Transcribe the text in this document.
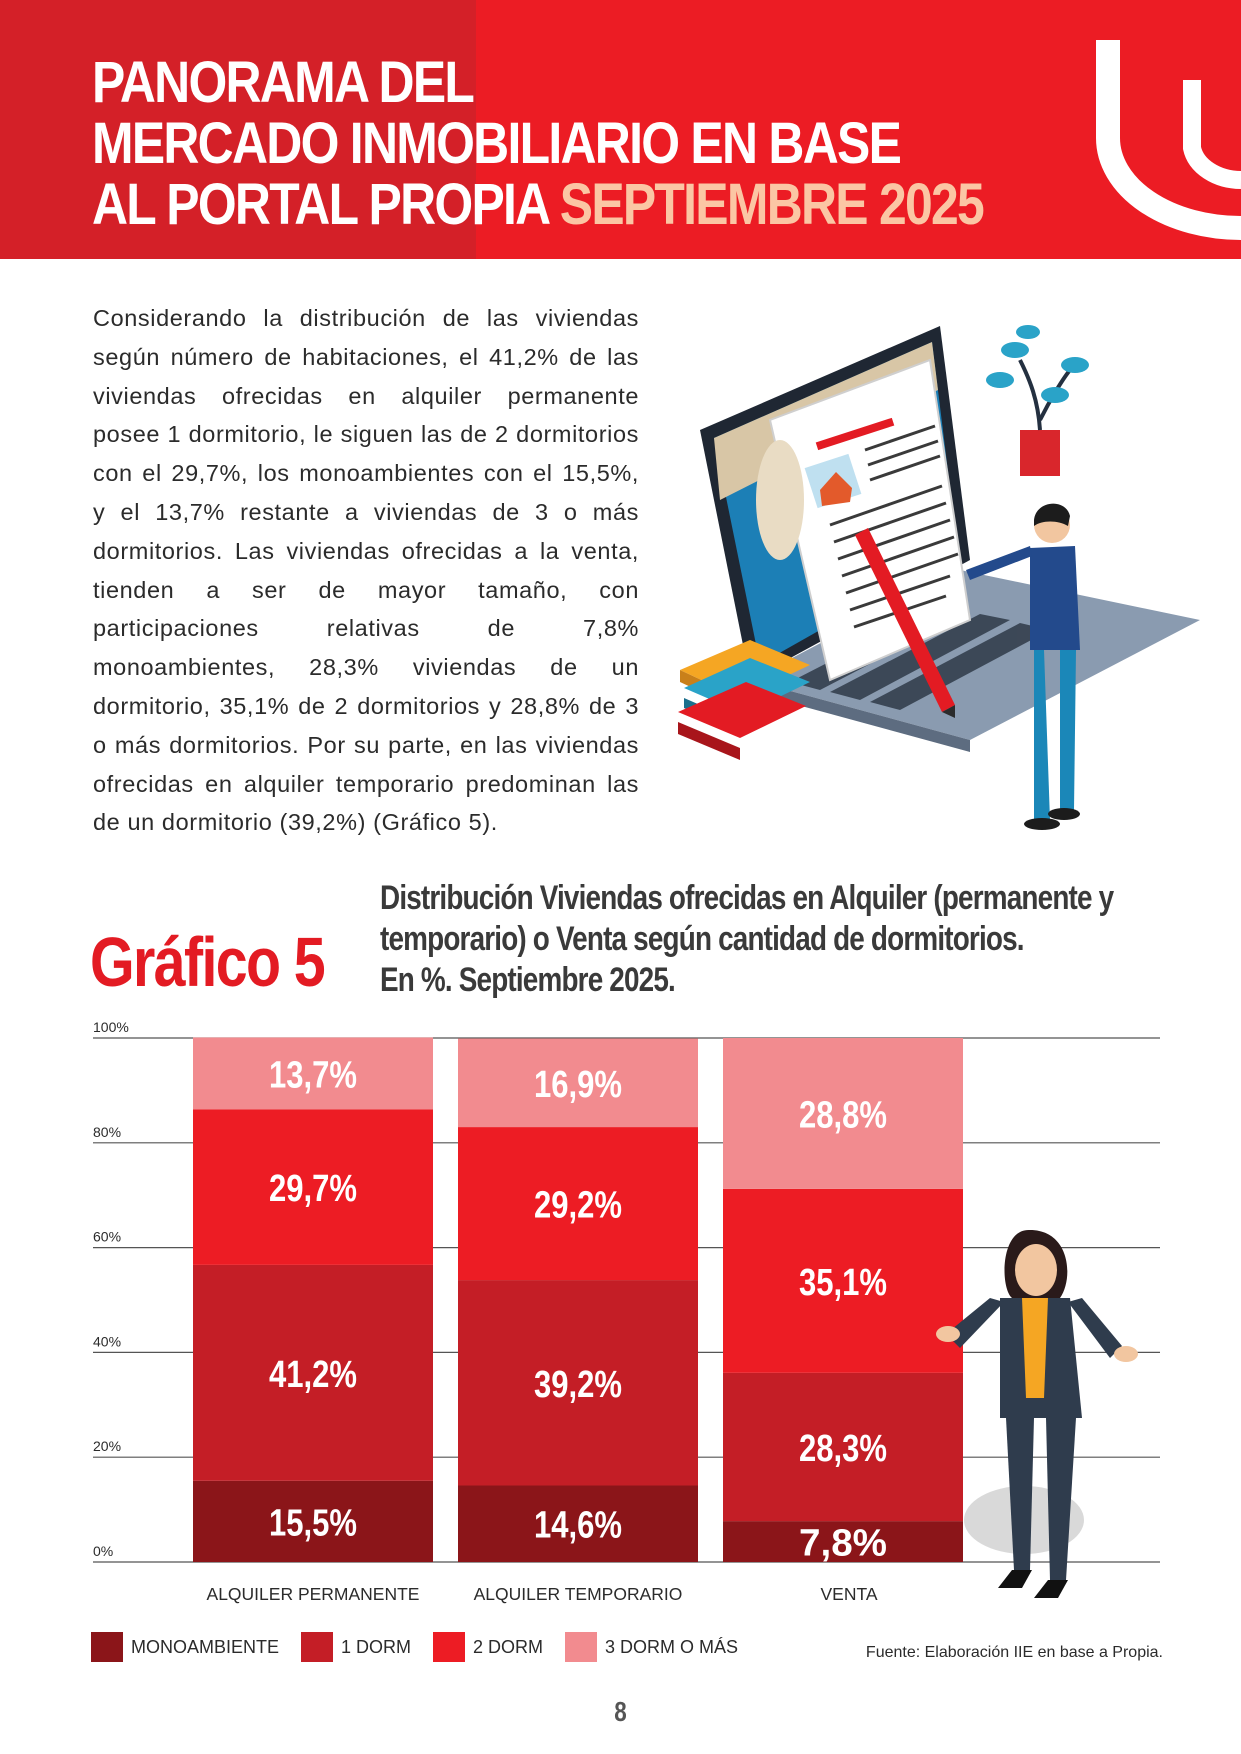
PANORAMA DEL
MERCADO INMOBILIARIO EN BASE
AL PORTAL PROPIA SEPTIEMBRE 2025

Considerando la distribución de las viviendas según número de habitaciones, el 41,2% de las viviendas ofrecidas en alquiler permanente posee 1 dormitorio, le siguen las de 2 dormitorios con el 29,7%, los monoambientes con el 15,5%, y el 13,7% restante a viviendas de 3 o más dormitorios. Las viviendas ofrecidas a la venta, tienden a ser de mayor tamaño, con participaciones relativas de 7,8% monoambientes, 28,3% viviendas de un dormitorio, 35,1% de 2 dormitorios y 28,8% de 3 o más dormitorios. Por su parte, en las viviendas ofrecidas en alquiler temporario predominan las de un dormitorio (39,2%) (Gráfico 5).

Gráfico 5
Distribución Viviendas ofrecidas en Alquiler (permanente y
temporario) o Venta según cantidad de dormitorios.
En %. Septiembre 2025.
15,5%
41,2%
29,7%
13,7%
14,6%
39,2%
29,2%
16,9%
7,8%
28,3%
35,1%
28,8%
0%
20%
40%
60%
80%
100%
ALQUILER PERMANENTE	ALQUILER TEMPORARIO	VENTA
MONOAMBIENTE	1 DORM	2 DORM	3 DORM O MÁS	Fuente: Elaboración IIE en base a Propia.
8
